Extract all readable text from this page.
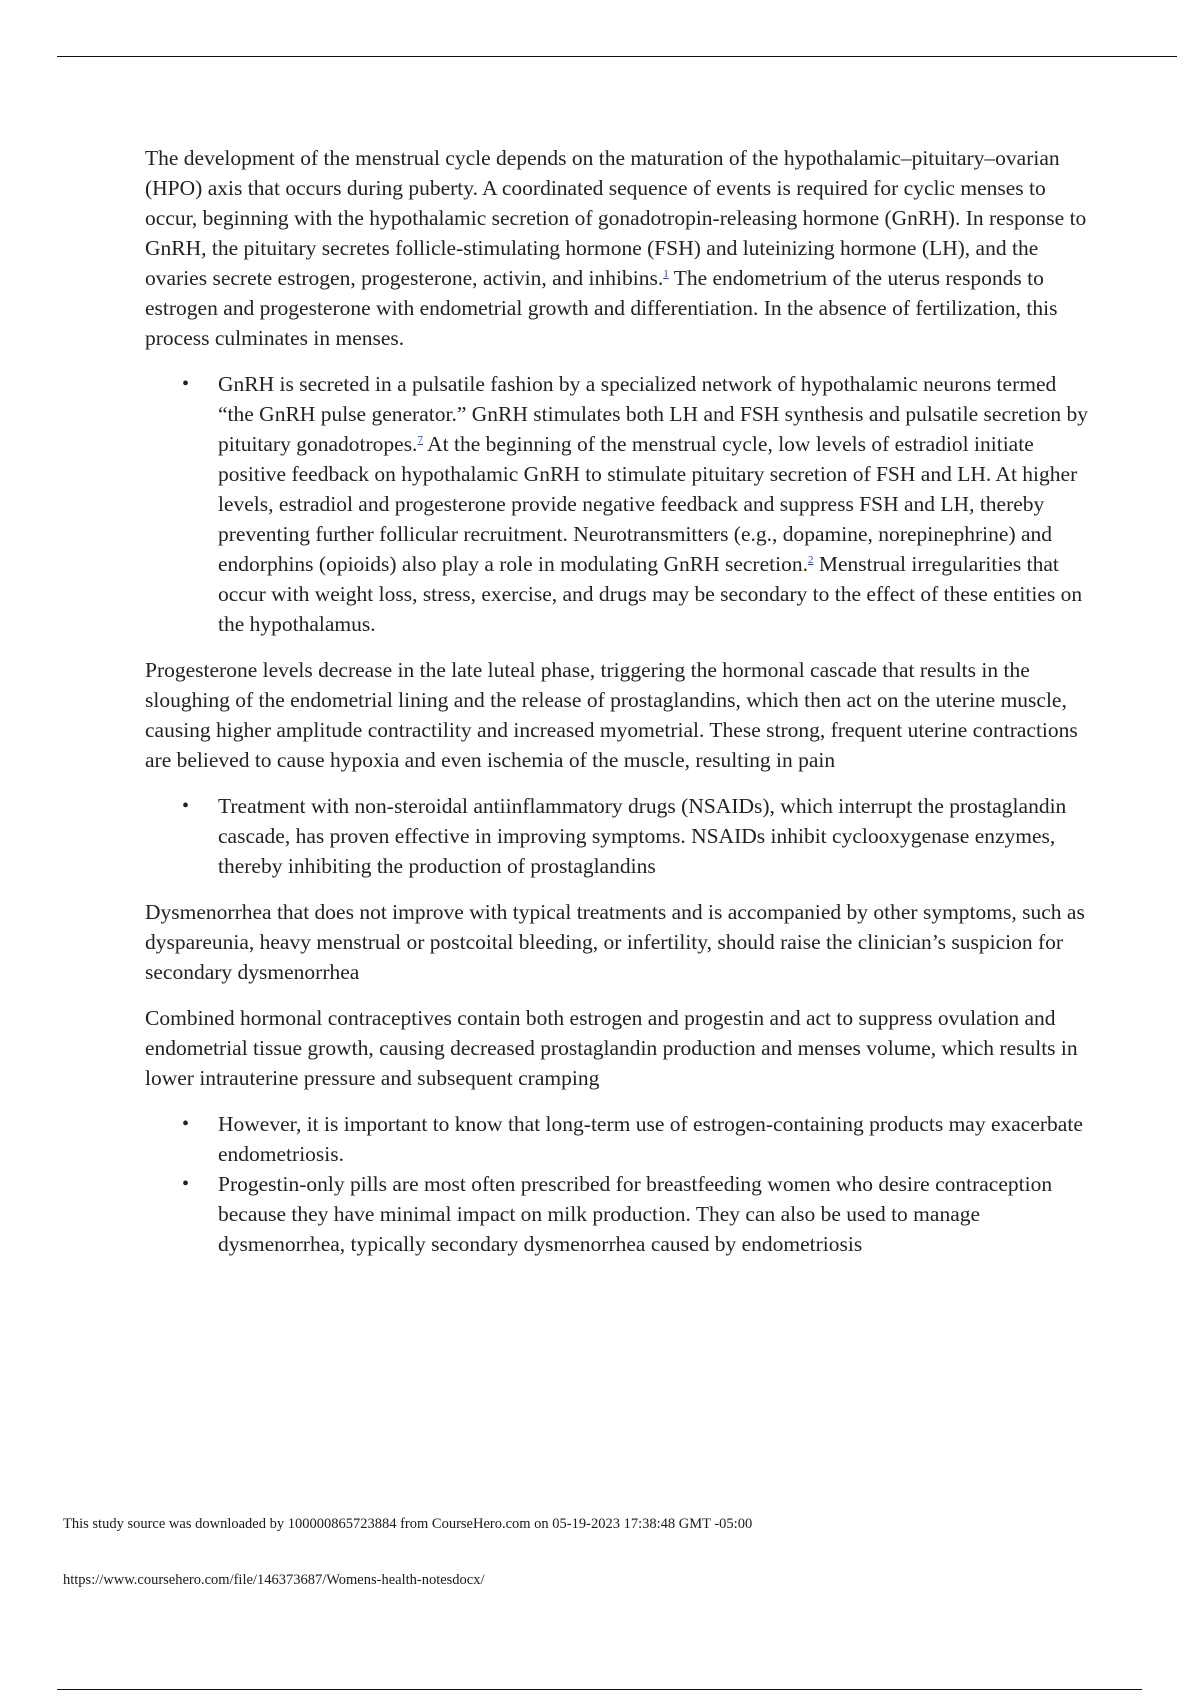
The development of the menstrual cycle depends on the maturation of the hypothalamic–pituitary–ovarian (HPO) axis that occurs during puberty. A coordinated sequence of events is required for cyclic menses to occur, beginning with the hypothalamic secretion of gonadotropin-releasing hormone (GnRH). In response to GnRH, the pituitary secretes follicle-stimulating hormone (FSH) and luteinizing hormone (LH), and the ovaries secrete estrogen, progesterone, activin, and inhibins.$^1$ The endometrium of the uterus responds to estrogen and progesterone with endometrial growth and differentiation. In the absence of fertilization, this process culminates in menses.

• GnRH is secreted in a pulsatile fashion by a specialized network of hypothalamic neurons termed “the GnRH pulse generator.” GnRH stimulates both LH and FSH synthesis and pulsatile secretion by pituitary gonadotropes.$^7$ At the beginning of the menstrual cycle, low levels of estradiol initiate positive feedback on hypothalamic GnRH to stimulate pituitary secretion of FSH and LH. At higher levels, estradiol and progesterone provide negative feedback and suppress FSH and LH, thereby preventing further follicular recruitment. Neurotransmitters (e.g., dopamine, norepinephrine) and endorphins (opioids) also play a role in modulating GnRH secretion.$^2$ Menstrual irregularities that occur with weight loss, stress, exercise, and drugs may be secondary to the effect of these entities on the hypothalamus.

Progesterone levels decrease in the late luteal phase, triggering the hormonal cascade that results in the sloughing of the endometrial lining and the release of prostaglandins, which then act on the uterine muscle, causing higher amplitude contractility and increased myometrial. These strong, frequent uterine contractions are believed to cause hypoxia and even ischemia of the muscle, resulting in pain

• Treatment with non-steroidal antiinflammatory drugs (NSAIDs), which interrupt the prostaglandin cascade, has proven effective in improving symptoms. NSAIDs inhibit cyclooxygenase enzymes, thereby inhibiting the production of prostaglandins

Dysmenorrhea that does not improve with typical treatments and is accompanied by other symptoms, such as dyspareunia, heavy menstrual or postcoital bleeding, or infertility, should raise the clinician’s suspicion for secondary dysmenorrhea

Combined hormonal contraceptives contain both estrogen and progestin and act to suppress ovulation and endometrial tissue growth, causing decreased prostaglandin production and menses volume, which results in lower intrauterine pressure and subsequent cramping

• However, it is important to know that long-term use of estrogen-containing products may exacerbate endometriosis.
• Progestin-only pills are most often prescribed for breastfeeding women who desire contraception because they have minimal impact on milk production. They can also be used to manage dysmenorrhea, typically secondary dysmenorrhea caused by endometriosis
This study source was downloaded by 100000865723884 from CourseHero.com on 05-19-2023 17:38:48 GMT -05:00
https://www.coursehero.com/file/146373687/Womens-health-notesdocx/
